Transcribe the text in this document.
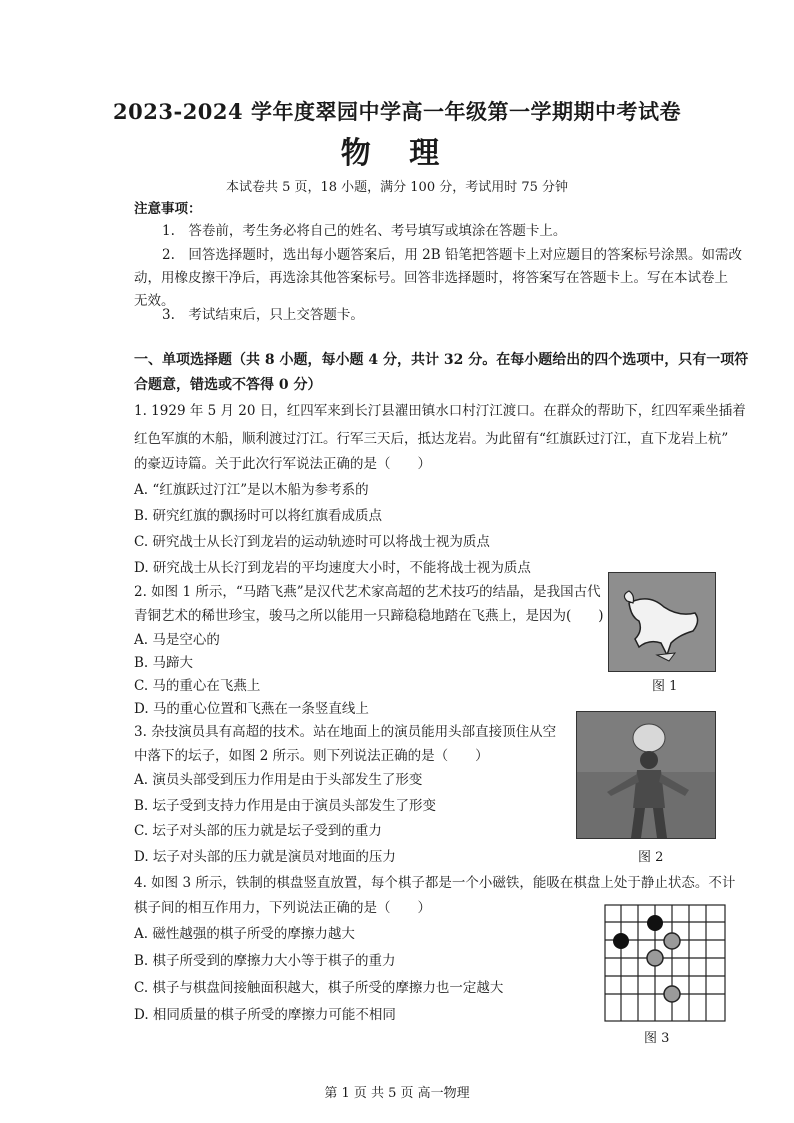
2023-2024 学年度翠园中学高一年级第一学期期中考试卷
物 理
本试卷共 5 页，18 小题，满分 100 分，考试用时 75 分钟
注意事项：
1.　答卷前，考生务必将自己的姓名、考号填写或填涂在答题卡上。
2.　回答选择题时，选出每小题答案后，用 2B 铅笔把答题卡上对应题目的答案标号涂黑。如需改
动，用橡皮擦干净后，再选涂其他答案标号。回答非选择题时，将答案写在答题卡上。写在本试卷上
无效。
3.　考试结束后，只上交答题卡。
一、单项选择题（共 8 小题，每小题 4 分，共计 32 分。在每小题给出的四个选项中，只有一项符
合题意，错选或不答得 0 分）
1. 1929 年 5 月 20 日，红四军来到长汀县濯田镇水口村汀江渡口。在群众的帮助下，红四军乘坐插着
红色军旗的木船，顺利渡过汀江。行军三天后，抵达龙岩。为此留有“红旗跃过汀江，直下龙岩上杭”
的豪迈诗篇。关于此次行军说法正确的是（　　）
A. “红旗跃过汀江”是以木船为参考系的
B. 研究红旗的飘扬时可以将红旗看成质点
C. 研究战士从长汀到龙岩的运动轨迹时可以将战士视为质点
D. 研究战士从长汀到龙岩的平均速度大小时，不能将战士视为质点
2. 如图 1 所示，“马踏飞燕”是汉代艺术家高超的艺术技巧的结晶，是我国古代
青铜艺术的稀世珍宝，骏马之所以能用一只蹄稳稳地踏在飞燕上，是因为(　　)
A. 马是空心的
B. 马蹄大
C. 马的重心在飞燕上
D. 马的重心位置和飞燕在一条竖直线上
图 1
3. 杂技演员具有高超的技术。站在地面上的演员能用头部直接顶住从空
中落下的坛子，如图 2 所示。则下列说法正确的是（　　）
A. 演员头部受到压力作用是由于头部发生了形变
B. 坛子受到支持力作用是由于演员头部发生了形变
C. 坛子对头部的压力就是坛子受到的重力
D. 坛子对头部的压力就是演员对地面的压力	图 2
4. 如图 3 所示，铁制的棋盘竖直放置，每个棋子都是一个小磁铁，能吸在棋盘上处于静止状态。不计
棋子间的相互作用力，下列说法正确的是（　　）
A. 磁性越强的棋子所受的摩擦力越大
B. 棋子所受到的摩擦力大小等于棋子的重力
C. 棋子与棋盘间接触面积越大，棋子所受的摩擦力也一定越大
D. 相同质量的棋子所受的摩擦力可能不相同
图 3
第 1 页 共 5 页 高一物理
